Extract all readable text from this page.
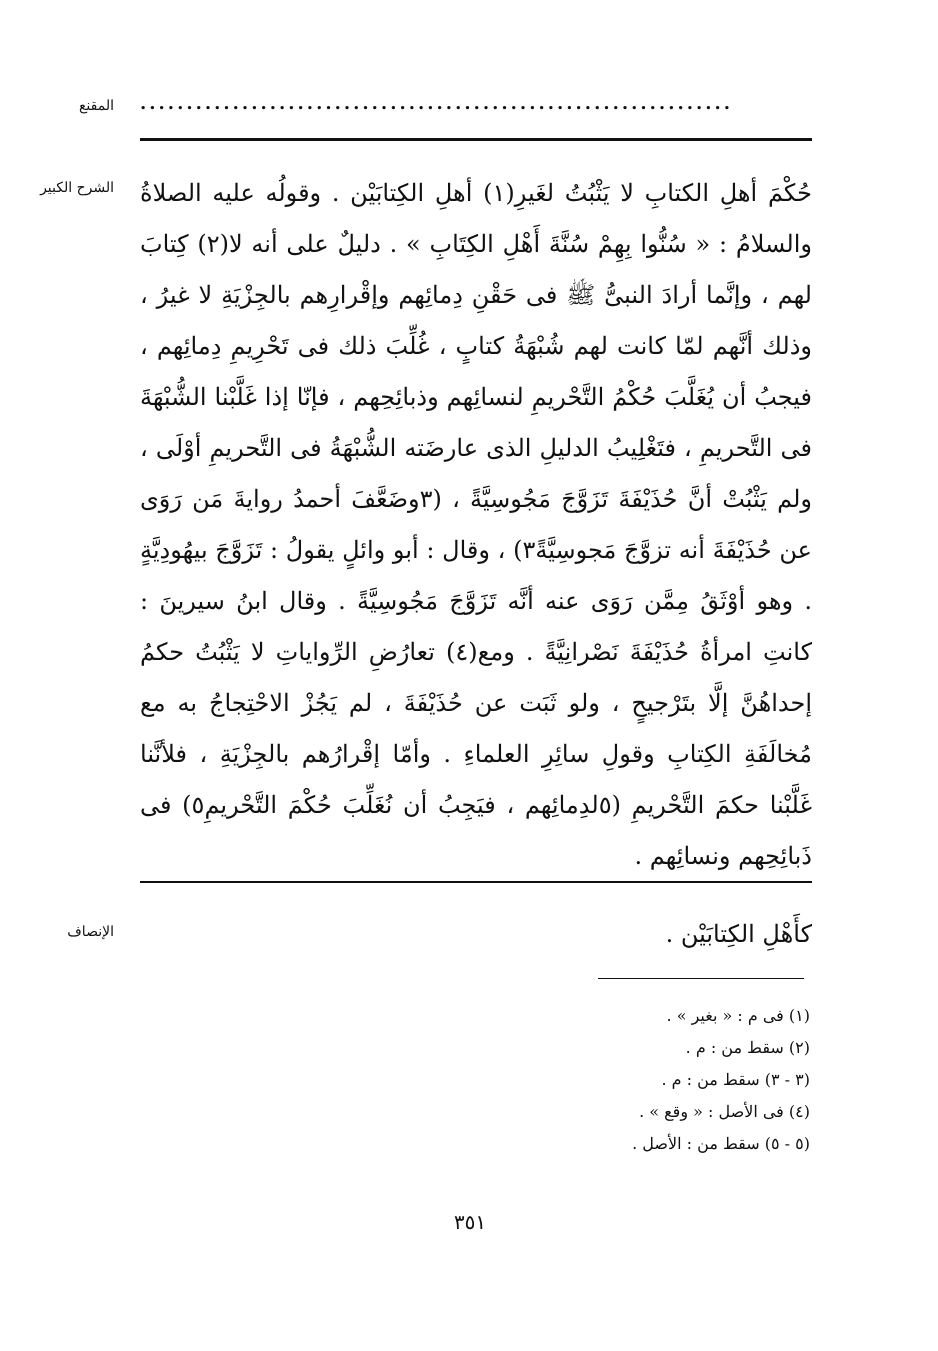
المقنع ................................................................
الشرح الكبير حُكْمَ أهلِ الكتابِ لا يَثْبُتُ لغَيرِ(١) أهلِ الكِتابَيْن . وقولُه عليه الصلاةُ والسلامُ : « سُنُّوا بِهِمْ سُنَّةَ أَهْلِ الكِتَابِ » . دليلٌ على أنه لا(٢) كِتابَ لهم ، وإنَّما أرادَ النبىُّ ﷺ فى حَقْنِ دِمائِهم وإقْرارِهم بالجِزْيَةِ لا غيرُ ، وذلك أنَّهم لمّا كانت لهم شُبْهَةُ كتابٍ ، غُلِّبَ ذلك فى تَحْرِيمِ دِمائِهم ، فيجبُ أن يُغَلَّبَ حُكْمُ التَّحْريمِ لنسائِهم وذبائِحِهم ، فإنّا إذا غَلَّبْنا الشُّبْهَةَ فى التَّحريمِ ، فتَغْلِيبُ الدليلِ الذى عارضَته الشُّبْهَةُ فى التَّحريمِ أوْلَى ، ولم يَثْبُتْ أنَّ حُذَيْفَةَ تَزَوَّجَ مَجُوسِيَّةً ، (٣وضَعَّفَ أحمدُ روايةَ مَن رَوَى عن حُذَيْفَةَ أنه تزوَّجَ مَجوسِيَّةً٣) ، وقال : أبو وائلٍ يقولُ : تَزَوَّجَ بيهُودِيَّةٍ . وهو أوْثَقُ مِمَّن رَوَى عنه أنَّه تَزَوَّجَ مَجُوسِيَّةً . وقال ابنُ سيرينَ : كانتِ امرأةُ حُذَيْفَةَ نَصْرانِيَّةً . ومع(٤) تعارُضِ الرِّواياتِ لا يَثْبُتُ حكمُ إحداهُنَّ إلَّا بتَرْجيحٍ ، ولو ثَبَت عن حُذَيْفَةَ ، لم يَجُزْ الاحْتِجاجُ به مع مُخالَفَةِ الكِتابِ وقولِ سائِرِ العلماءِ . وأمّا إقْرارُهم بالجِزْيَةِ ، فلأنَّنا غَلَّبْنا حكمَ التَّحْريمِ (٥لدِمائِهم ، فيَجِبُ أن نُغَلِّبَ حُكْمَ التَّحْريمِ٥) فى ذَبائِحِهم ونسائِهم .

الإنصاف	كأَهْلِ الكِتابَيْن .
(١) فى م : « بغير » .
(٢) سقط من : م .
(٣ - ٣) سقط من : م .
(٤) فى الأصل : « وقع » .
(٥ - ٥) سقط من : الأصل .
٣٥١
